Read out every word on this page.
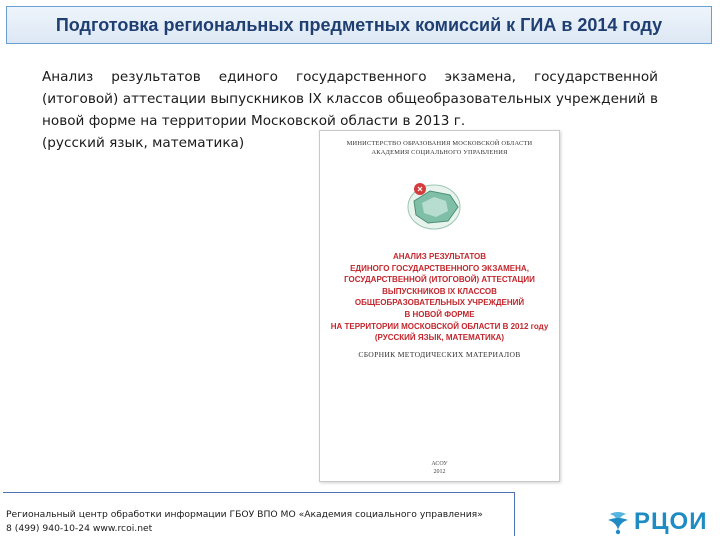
Подготовка региональных предметных комиссий к ГИА в 2014 году
Анализ результатов единого государственного экзамена, государственной (итоговой) аттестации выпускников IX классов общеобразовательных учреждений в новой форме на территории Московской области в 2013 г.
(русский язык, математика)	МИНИСТЕРСТВО ОБРАЗОВАНИЯ МОСКОВСКОЙ ОБЛАСТИ
АКАДЕМИЯ СОЦИАЛЬНОГО УПРАВЛЕНИЯ
АНАЛИЗ РЕЗУЛЬТАТОВ
ЕДИНОГО ГОСУДАРСТВЕННОГО ЭКЗАМЕНА,
ГОСУДАРСТВЕННОЙ (ИТОГОВОЙ) АТТЕСТАЦИИ
ВЫПУСКНИКОВ IX КЛАССОВ
ОБЩЕОБРАЗОВАТЕЛЬНЫХ УЧРЕЖДЕНИЙ
В НОВОЙ ФОРМЕ
НА ТЕРРИТОРИИ МОСКОВСКОЙ ОБЛАСТИ В 2012 году
(РУССКИЙ ЯЗЫК, МАТЕМАТИКА)
СБОРНИК МЕТОДИЧЕСКИХ МАТЕРИАЛОВ
АСОУ
2012
Региональный центр обработки информации ГБОУ ВПО МО «Академия социального управления»
8 (499) 940-10-24 www.rcoi.net	РЦОИ
